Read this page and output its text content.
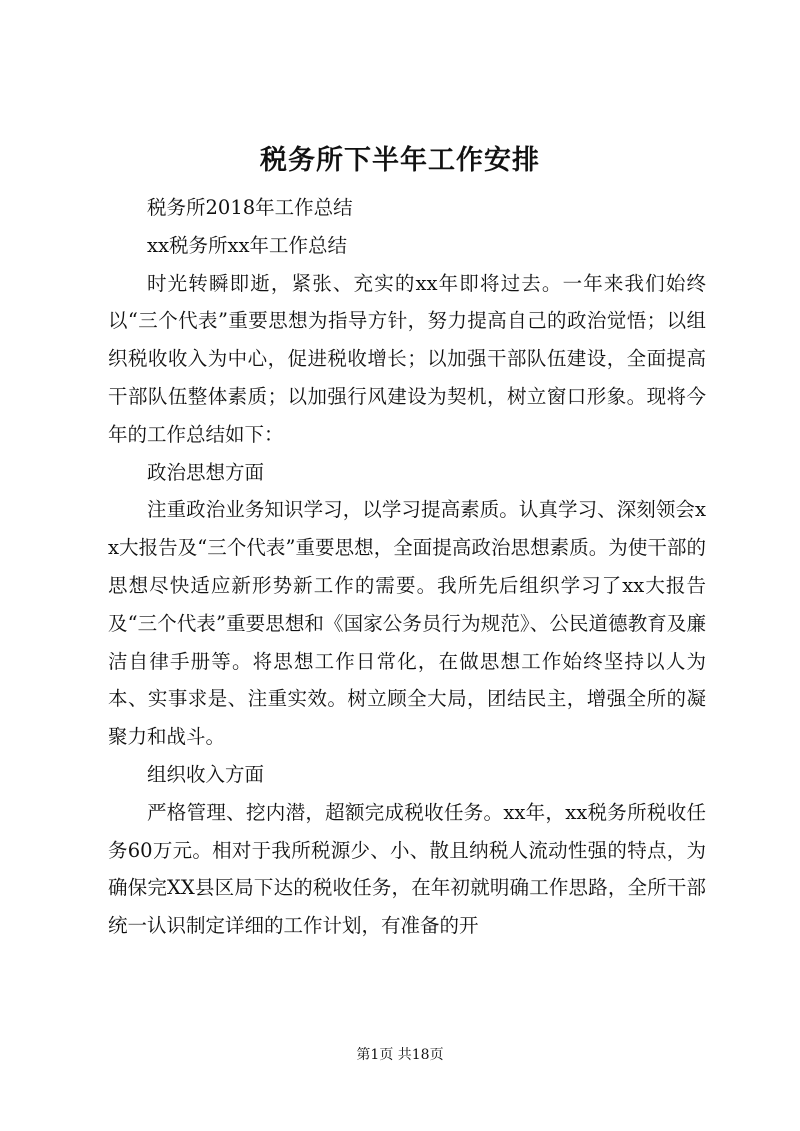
税务所下半年工作安排

税务所2018年工作总结

xx税务所xx年工作总结

时光转瞬即逝，紧张、充实的xx年即将过去。一年来我们始终以“三个代表”重要思想为指导方针，努力提高自己的政治觉悟；以组织税收收入为中心，促进税收增长；以加强干部队伍建设，全面提高干部队伍整体素质；以加强行风建设为契机，树立窗口形象。现将今年的工作总结如下：

政治思想方面

注重政治业务知识学习，以学习提高素质。认真学习、深刻领会xx大报告及“三个代表”重要思想，全面提高政治思想素质。为使干部的思想尽快适应新形势新工作的需要。我所先后组织学习了xx大报告及“三个代表”重要思想和《国家公务员行为规范》、公民道德教育及廉洁自律手册等。将思想工作日常化，在做思想工作始终坚持以人为本、实事求是、注重实效。树立顾全大局，团结民主，增强全所的凝聚力和战斗。

组织收入方面

严格管理、挖内潜，超额完成税收任务。xx年，xx税务所税收任务60万元。相对于我所税源少、小、散且纳税人流动性强的特点，为确保完XX县区局下达的税收任务，在年初就明确工作思路，全所干部统一认识制定详细的工作计划，有准备的开

第1页 共18页
